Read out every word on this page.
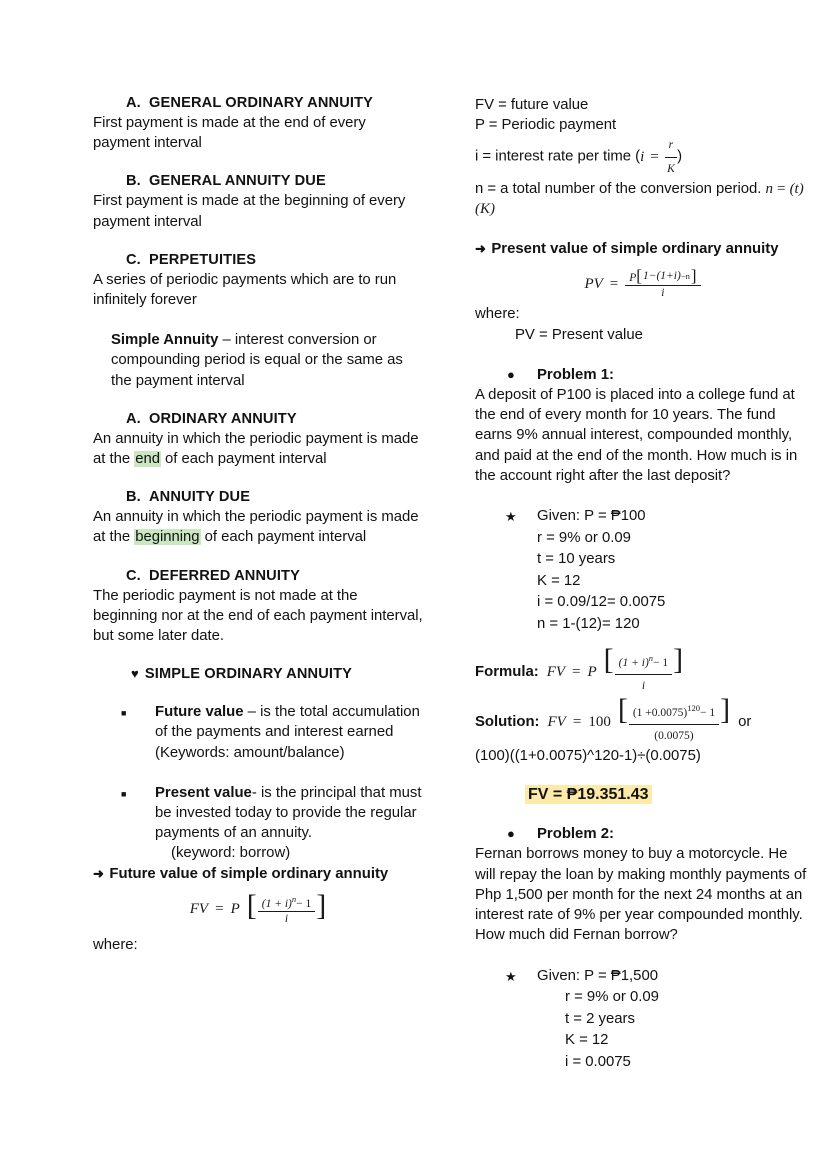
A. GENERAL ORDINARY ANNUITY

First payment is made at the end of every payment interval

B. GENERAL ANNUITY DUE

First payment is made at the beginning of every payment interval

C. PERPETUITIES

A series of periodic payments which are to run infinitely forever

Simple Annuity – interest conversion or compounding period is equal or the same as the payment interval

A. ORDINARY ANNUITY

An annuity in which the periodic payment is made at the end of each payment interval

B. ANNUITY DUE

An annuity in which the periodic payment is made at the beginning of each payment interval

C. DEFERRED ANNUITY

The periodic payment is not made at the beginning nor at the end of each payment interval, but some later date.

♥ SIMPLE ORDINARY ANNUITY

■ Future value – is the total accumulation of the payments and interest earned

(Keywords: amount/balance)

■ Present value- is the principal that must be invested today to provide the regular payments of an annuity.

(keyword: borrow)

➜ Future value of simple ordinary annuity

FV = P [ $\frac{(1 + i)^n- 1}{i}$ ]

where:

FV = future value

P = Periodic payment

i = interest rate per time ( $i = \frac{r}{K}$ )

n = a total number of the conversion period. n = (t)(K)

➜ Present value of simple ordinary annuity

PV = $\frac{P [ 1-(1+i) -n ]}{i}$

where:

PV = Present value

● Problem 1:

A deposit of P100 is placed into a college fund at the end of every month for 10 years. The fund earns 9% annual interest, compounded monthly, and paid at the end of the month. How much is in the account right after the last deposit?

★ Given: P = ₱100
r = 9% or 0.09
t = 10 years
K = 12
i = 0.09/12= 0.0075
n = 1-(12)= 120
Formula: FV = P [ $\frac{(1 + i)^n- 1}{i}$ ]
Solution: FV = 100 [ $\frac{(1 +0.0075)^{120}- 1}{(0.0075)}$ ] or

(100)((1+0.0075)^120-1)÷(0.0075)

FV = ₱19.351.43

● Problem 2:

Fernan borrows money to buy a motorcycle. He will repay the loan by making monthly payments of Php 1,500 per month for the next 24 months at an interest rate of 9% per year compounded monthly. How much did Fernan borrow?

★ Given: P = ₱1,500
r = 9% or 0.09
t = 2 years
K = 12
i = 0.0075
